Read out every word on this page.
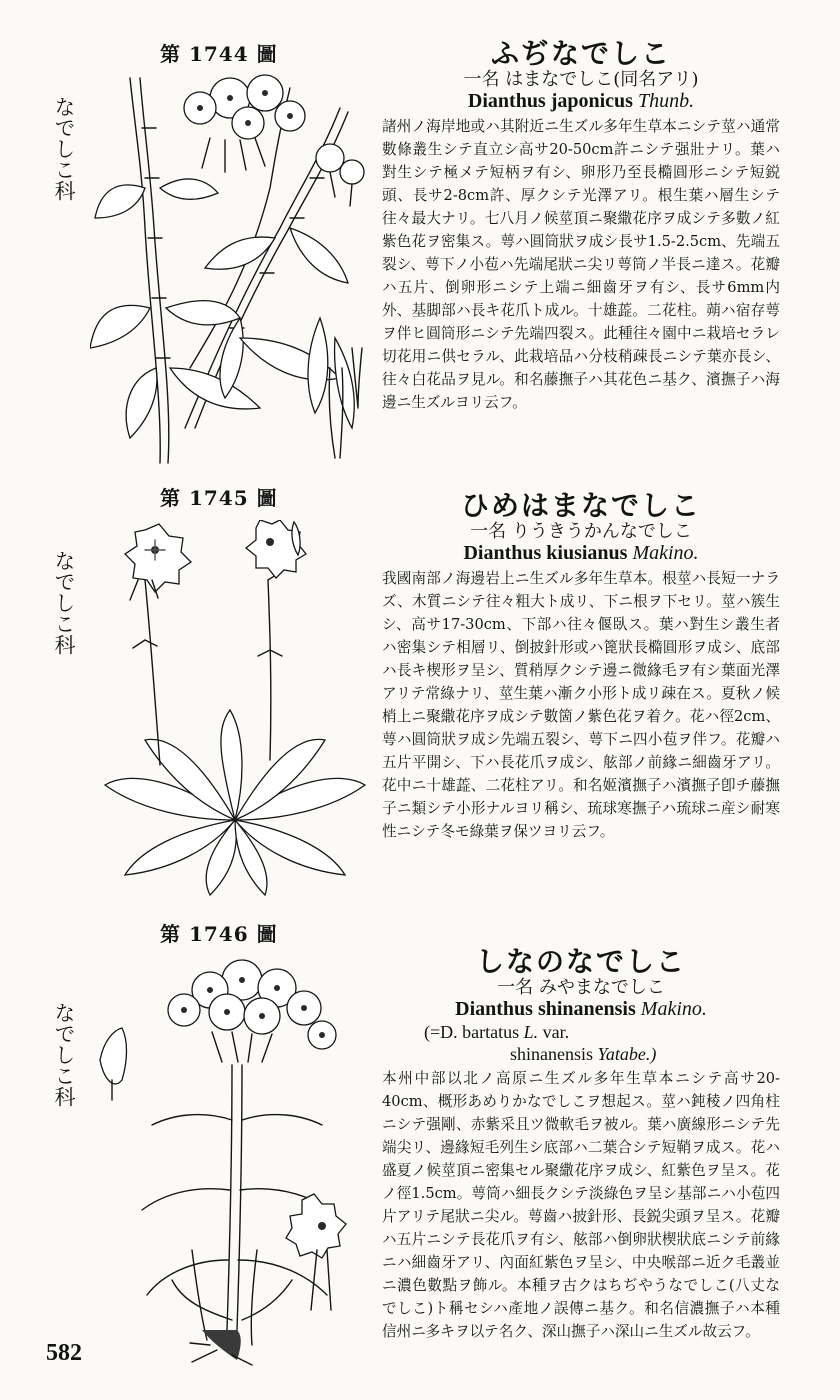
第 1744 圖
なでしこ科
ふぢなでしこ
一名 はまなでしこ(同名アリ)
Dianthus japonicus Thunb.
諸州ノ海岸地或ハ其附近ニ生ズル多年生草本ニシテ莖ハ通常數條叢生シテ直立シ高サ20-50cm許ニシテ强壯ナリ。葉ハ對生シテ極メテ短柄ヲ有シ、卵形乃至長橢圓形ニシテ短鋭頭、長サ2-8cm許、厚クシテ光澤アリ。根生葉ハ層生シテ往々最大ナリ。七八月ノ候莖頂ニ聚繖花序ヲ成シテ多數ノ紅紫色花ヲ密集ス。萼ハ圓筒狀ヲ成シ長サ1.5-2.5cm、先端五裂シ、萼下ノ小苞ハ先端尾狀ニ尖リ萼筒ノ半長ニ達ス。花瓣ハ五片、倒卵形ニシテ上端ニ細齒牙ヲ有シ、長サ6mm内外、基脚部ハ長キ花爪ト成ル。十雄蕋。二花柱。蒴ハ宿存萼ヲ伴ヒ圓筒形ニシテ先端四裂ス。此種往々園中ニ栽培セラレ切花用ニ供セラル、此栽培品ハ分枝稍疎長ニシテ葉亦長シ、往々白花品ヲ見ル。和名藤撫子ハ其花色ニ基ク、濱撫子ハ海邊ニ生ズルヨリ云フ。
第 1745 圖
なでしこ科
ひめはまなでしこ
一名 りうきうかんなでしこ
Dianthus kiusianus Makino.
我國南部ノ海邊岩上ニ生ズル多年生草本。根莖ハ長短一ナラズ、木質ニシテ往々粗大ト成リ、下ニ根ヲ下セリ。莖ハ簇生シ、高サ17-30cm、下部ハ往々偃臥ス。葉ハ對生シ叢生者ハ密集シテ相層リ、倒披針形或ハ篦狀長橢圓形ヲ成シ、底部ハ長キ楔形ヲ呈シ、質稍厚クシテ邊ニ微緣毛ヲ有シ葉面光澤アリテ常綠ナリ、莖生葉ハ漸ク小形ト成リ疎在ス。夏秋ノ候梢上ニ聚繖花序ヲ成シテ數箇ノ紫色花ヲ着ク。花ハ徑2cm、萼ハ圓筒狀ヲ成シ先端五裂シ、萼下ニ四小苞ヲ伴フ。花瓣ハ五片平開シ、下ハ長花爪ヲ成シ、舷部ノ前緣ニ細齒牙アリ。花中ニ十雄蕋、二花柱アリ。和名姬濱撫子ハ濱撫子卽チ藤撫子ニ類シテ小形ナルヨリ稱シ、琉球寒撫子ハ琉球ニ産シ耐寒性ニシテ冬モ綠葉ヲ保ツヨリ云フ。
第 1746 圖
なでしこ科
しなのなでしこ
一名 みやまなでしこ
Dianthus shinanensis Makino.
(=D. bartatus L. var.
shinanensis Yatabe.)
本州中部以北ノ高原ニ生ズル多年生草本ニシテ高サ20-40cm、概形あめりかなでしこヲ想起ス。莖ハ鈍稜ノ四角柱ニシテ强剛、赤紫采且ツ微軟毛ヲ被ル。葉ハ廣線形ニシテ先端尖リ、邊緣短毛列生シ底部ハ二葉合シテ短鞘ヲ成ス。花ハ盛夏ノ候莖頂ニ密集セル聚繖花序ヲ成シ、紅紫色ヲ呈ス。花ノ徑1.5cm。萼筒ハ細長クシテ淡綠色ヲ呈シ基部ニハ小苞四片アリテ尾狀ニ尖ル。萼齒ハ披針形、長鋭尖頭ヲ呈ス。花瓣ハ五片ニシテ長花爪ヲ有シ、舷部ハ倒卵狀楔狀底ニシテ前緣ニハ細齒牙アリ、內面紅紫色ヲ呈シ、中央喉部ニ近ク毛叢並ニ濃色數點ヲ飾ル。本種ヲ古クはちぢやうなでしこ(八丈なでしこ)ト稱セシハ產地ノ誤傳ニ基ク。和名信濃撫子ハ本種信州ニ多キヲ以テ名ク、深山撫子ハ深山ニ生ズル故云フ。
582
